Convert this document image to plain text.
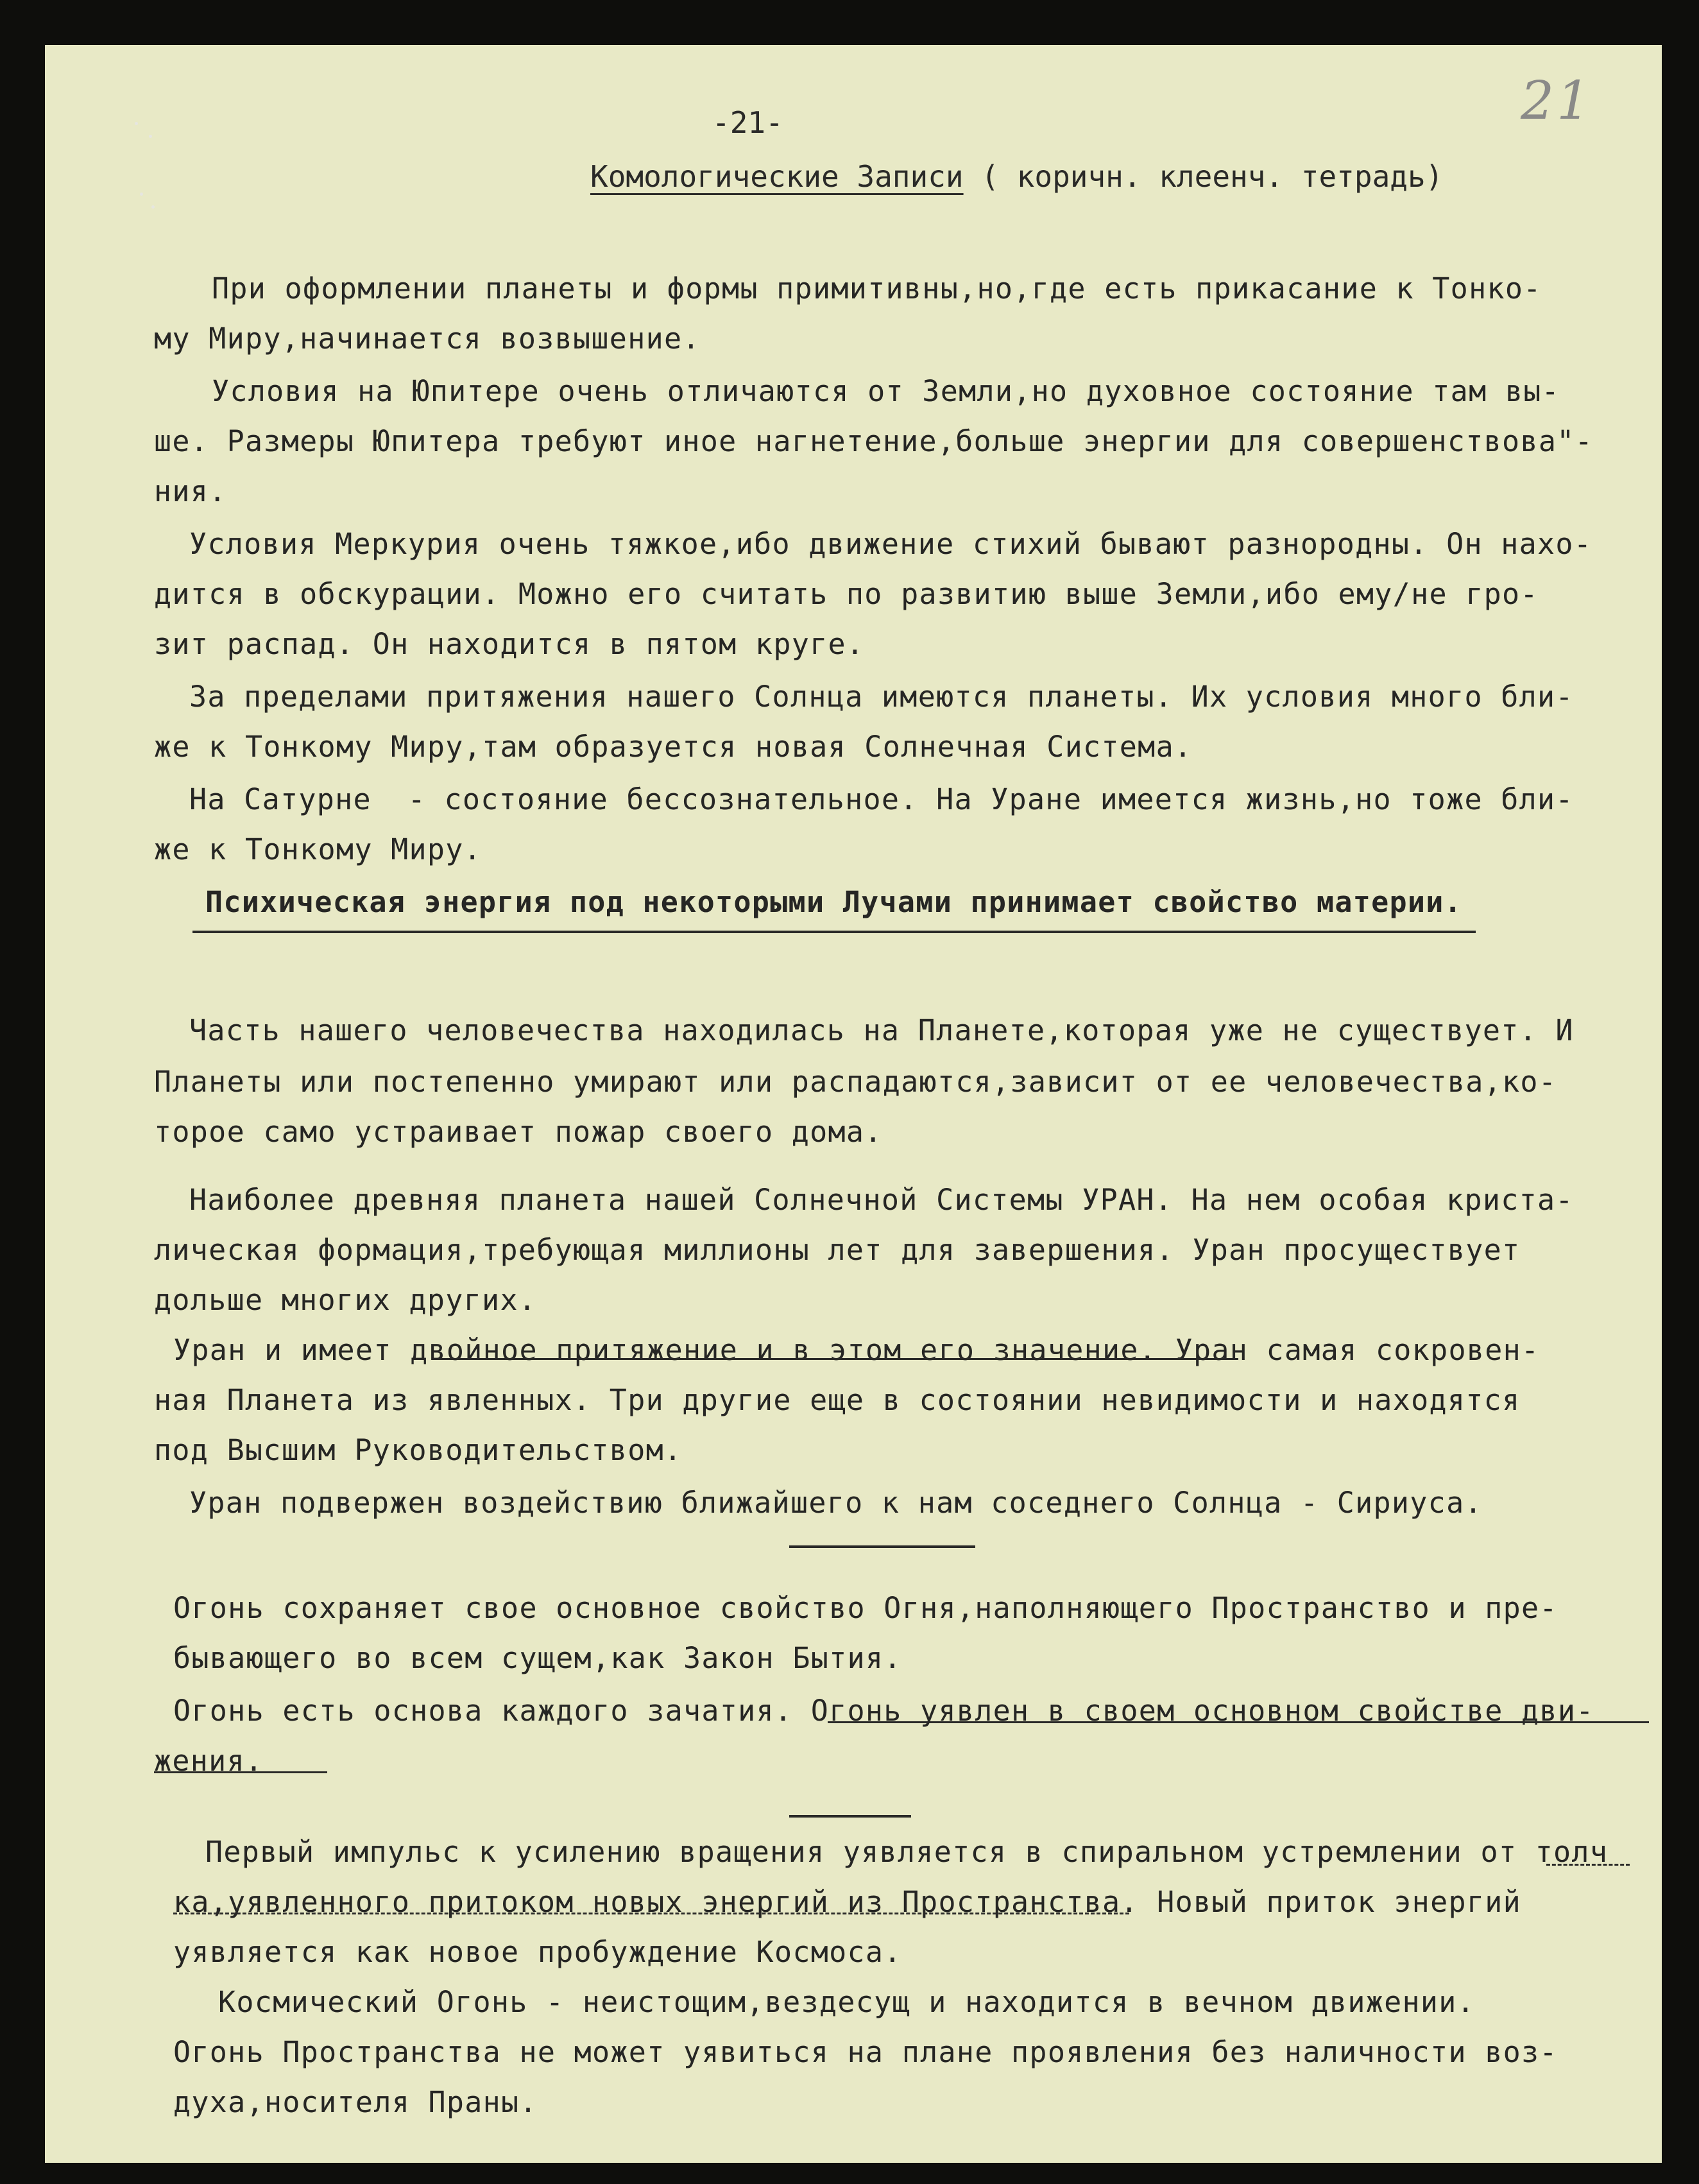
21
-21-
Комологические Записи ( коричн. клеенч. тетрадь)
При оформлении планеты и формы примитивны,но,где есть прикасание к Тонко-
му Миру,начинается возвышение.
Условия на Юпитере очень отличаются от Земли,но духовное состояние там вы-
ше. Размеры Юпитера требуют иное нагнетение,больше энергии для совершенствова"-
ния.
Условия Меркурия очень тяжкое,ибо движение стихий бывают разнородны. Он нахо-
дится в обскурации. Можно его считать по развитию выше Земли,ибо ему/не гро-
зит распад. Он находится в пятом круге.
За пределами притяжения нашего Солнца имеются планеты. Их условия много бли-
же к Тонкому Миру,там образуется новая Солнечная Система.
На Сатурне  - состояние бессознательное. На Уране имеется жизнь,но тоже бли-
же к Тонкому Миру.
Психическая энергия под некоторыми Лучами принимает свойство материи.
Часть нашего человечества находилась на Планете,которая уже не существует. И
Планеты или постепенно умирают или распадаются,зависит от ее человечества,ко-
торое само устраивает пожар своего дома.
Наиболее древняя планета нашей Солнечной Системы УРАН. На нем особая криста-
лическая формация,требующая миллионы лет для завершения. Уран просуществует
дольше многих других.
Уран и имеет двойное притяжение и в этом его значение. Уран самая сокровен-
ная Планета из явленных. Три другие еще в состоянии невидимости и находятся
под Высшим Руководительством.
Уран подвержен воздействию ближайшего к нам соседнего Солнца - Сириуса.
Огонь сохраняет свое основное свойство Огня,наполняющего Пространство и пре-
бывающего во всем сущем,как Закон Бытия.
Огонь есть основа каждого зачатия. Огонь уявлен в своем основном свойстве дви-
жения.
Первый импульс к усилению вращения уявляется в спиральном устремлении от толч
ка,уявленного притоком новых энергий из Пространства. Новый приток энергий
уявляется как новое пробуждение Космоса.
Космический Огонь - неистощим,вездесущ и находится в вечном движении.
Огонь Пространства не может уявиться на плане проявления без наличности воз-
духа,носителя Праны.
